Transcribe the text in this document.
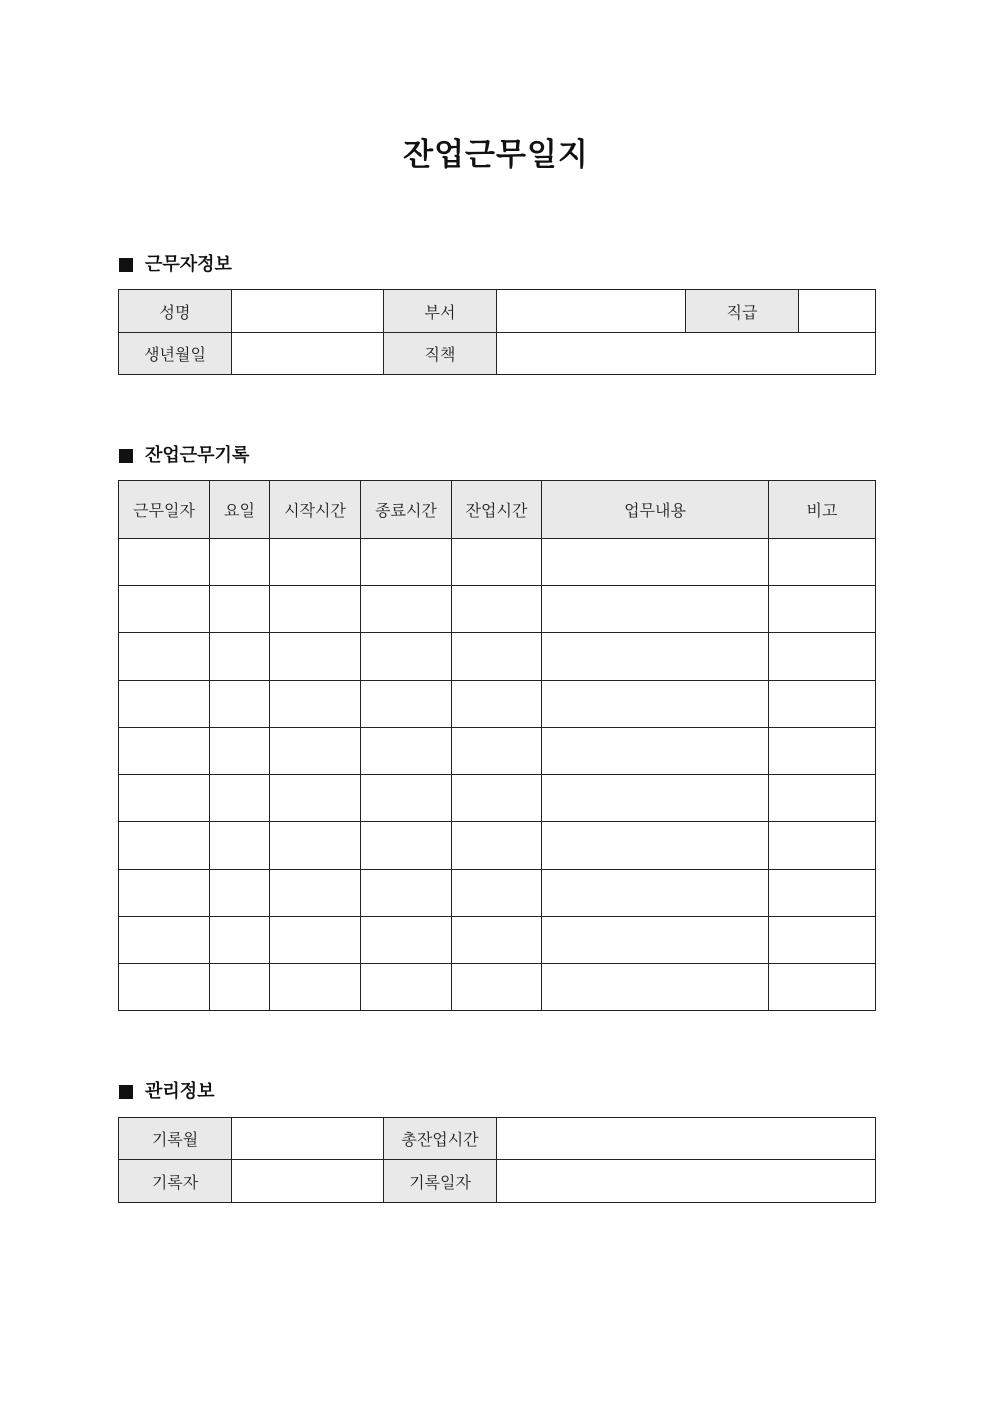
잔업근무일지
근무자정보
성명		부서		직급	
생년월일		직책			
잔업근무기록
근무일자	요일	시작시간	종료시간	잔업시간	업무내용	비고

관리정보
기록월		총잔업시간	
기록자		기록일자	
